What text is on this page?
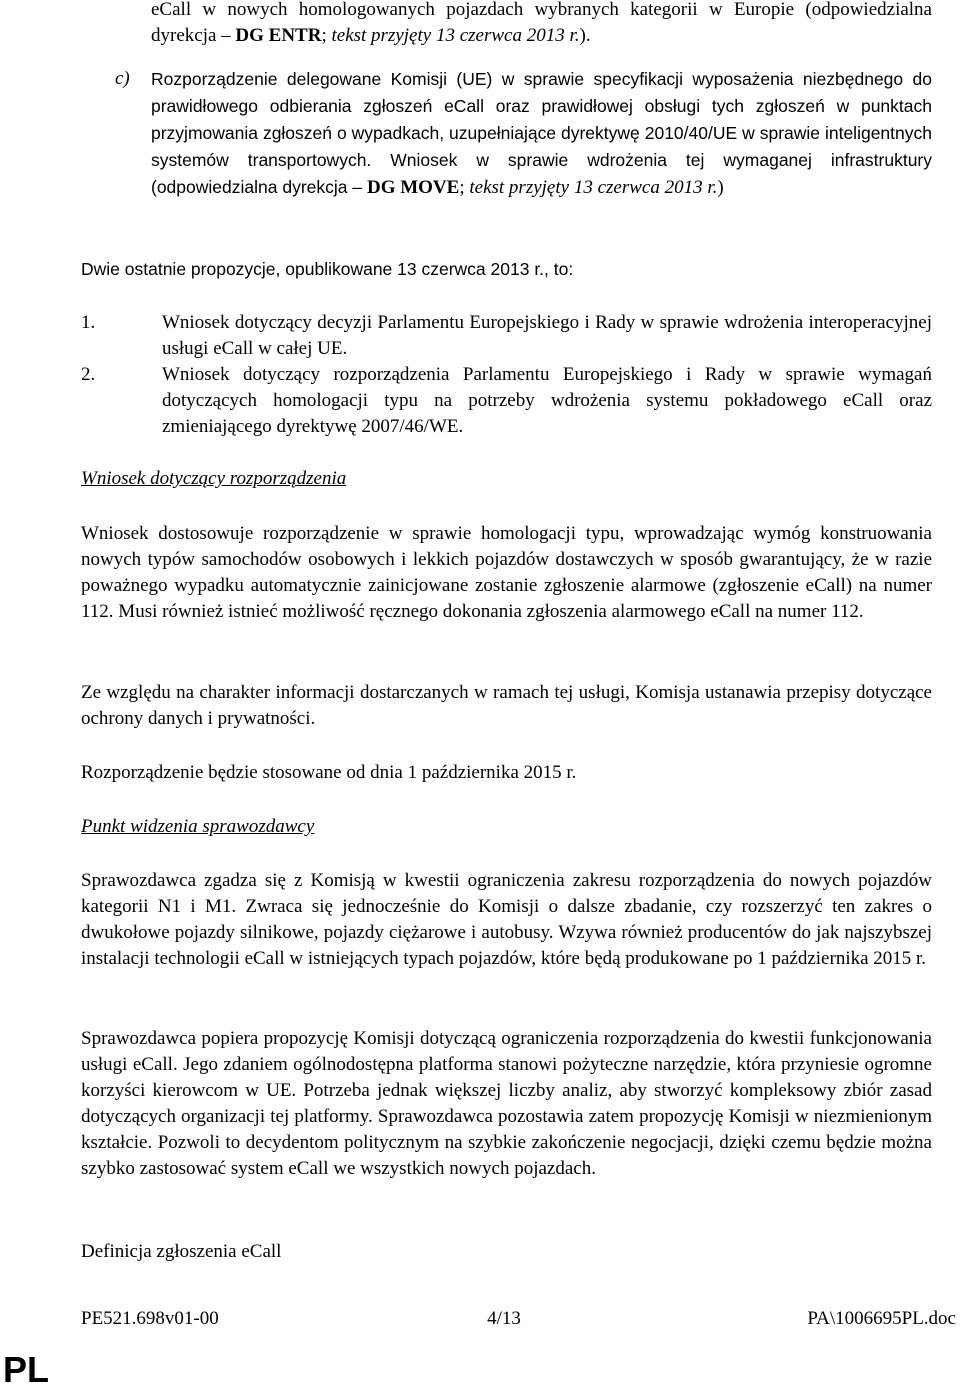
eCall w nowych homologowanych pojazdach wybranych kategorii w Europie (odpowiedzialna dyrekcja – DG ENTR; tekst przyjęty 13 czerwca 2013 r.).

c)	Rozporządzenie delegowane Komisji (UE) w sprawie specyfikacji wyposażenia niezbędnego do prawidłowego odbierania zgłoszeń eCall oraz prawidłowej obsługi tych zgłoszeń w punktach przyjmowania zgłoszeń o wypadkach, uzupełniające dyrektywę 2010/40/UE w sprawie inteligentnych systemów transportowych. Wniosek w sprawie wdrożenia tej wymaganej infrastruktury (odpowiedzialna dyrekcja – DG MOVE; tekst przyjęty 13 czerwca 2013 r.)

Dwie ostatnie propozycje, opublikowane 13 czerwca 2013 r., to:

1.	Wniosek dotyczący decyzji Parlamentu Europejskiego i Rady w sprawie wdrożenia interoperacyjnej usługi eCall w całej UE.

2.	Wniosek dotyczący rozporządzenia Parlamentu Europejskiego i Rady w sprawie wymagań dotyczących homologacji typu na potrzeby wdrożenia systemu pokładowego eCall oraz zmieniającego dyrektywę 2007/46/WE.

Wniosek dotyczący rozporządzenia

Wniosek dostosowuje rozporządzenie w sprawie homologacji typu, wprowadzając wymóg konstruowania nowych typów samochodów osobowych i lekkich pojazdów dostawczych w sposób gwarantujący, że w razie poważnego wypadku automatycznie zainicjowane zostanie zgłoszenie alarmowe (zgłoszenie eCall) na numer 112. Musi również istnieć możliwość ręcznego dokonania zgłoszenia alarmowego eCall na numer 112.

Ze względu na charakter informacji dostarczanych w ramach tej usługi, Komisja ustanawia przepisy dotyczące ochrony danych i prywatności.

Rozporządzenie będzie stosowane od dnia 1 października 2015 r.

Punkt widzenia sprawozdawcy

Sprawozdawca zgadza się z Komisją w kwestii ograniczenia zakresu rozporządzenia do nowych pojazdów kategorii N1 i M1. Zwraca się jednocześnie do Komisji o dalsze zbadanie, czy rozszerzyć ten zakres o dwukołowe pojazdy silnikowe, pojazdy ciężarowe i autobusy. Wzywa również producentów do jak najszybszej instalacji technologii eCall w istniejących typach pojazdów, które będą produkowane po 1 października 2015 r.

Sprawozdawca popiera propozycję Komisji dotyczącą ograniczenia rozporządzenia do kwestii funkcjonowania usługi eCall. Jego zdaniem ogólnodostępna platforma stanowi pożyteczne narzędzie, która przyniesie ogromne korzyści kierowcom w UE. Potrzeba jednak większej liczby analiz, aby stworzyć kompleksowy zbiór zasad dotyczących organizacji tej platformy. Sprawozdawca pozostawia zatem propozycję Komisji w niezmienionym kształcie. Pozwoli to decydentom politycznym na szybkie zakończenie negocjacji, dzięki czemu będzie można szybko zastosować system eCall we wszystkich nowych pojazdach.

Definicja zgłoszenia eCall
PE521.698v01-00	4/13	PA\1006695PL.doc
PL
